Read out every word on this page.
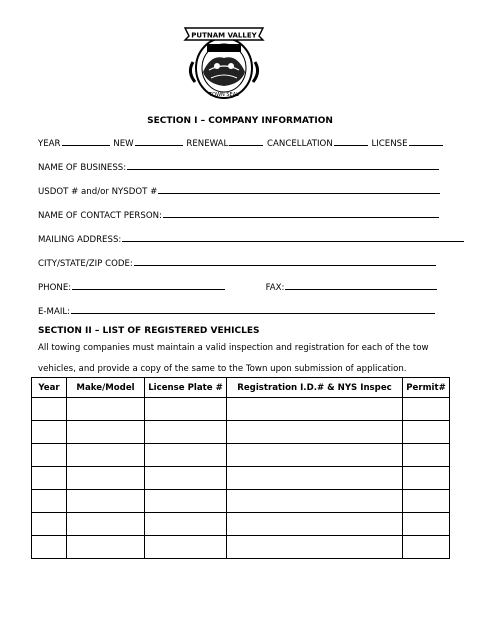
PUTNAM VALLEY
TOWN SEAL
SECTION I – COMPANY INFORMATION
YEAR	NEW	RENEWAL	CANCELLATION	LICENSE
NAME OF BUSINESS:
USDOT # and/or NYSDOT #
NAME OF CONTACT PERSON:
MAILING ADDRESS:
CITY/STATE/ZIP CODE:
PHONE:	FAX:
E-MAIL:
SECTION II – LIST OF REGISTERED VEHICLES
All towing companies must maintain a valid inspection and registration for each of the tow
vehicles, and provide a copy of the same to the Town upon submission of application.
Year	Make/Model	License Plate #	Registration I.D.# & NYS Inspec	Permit#
